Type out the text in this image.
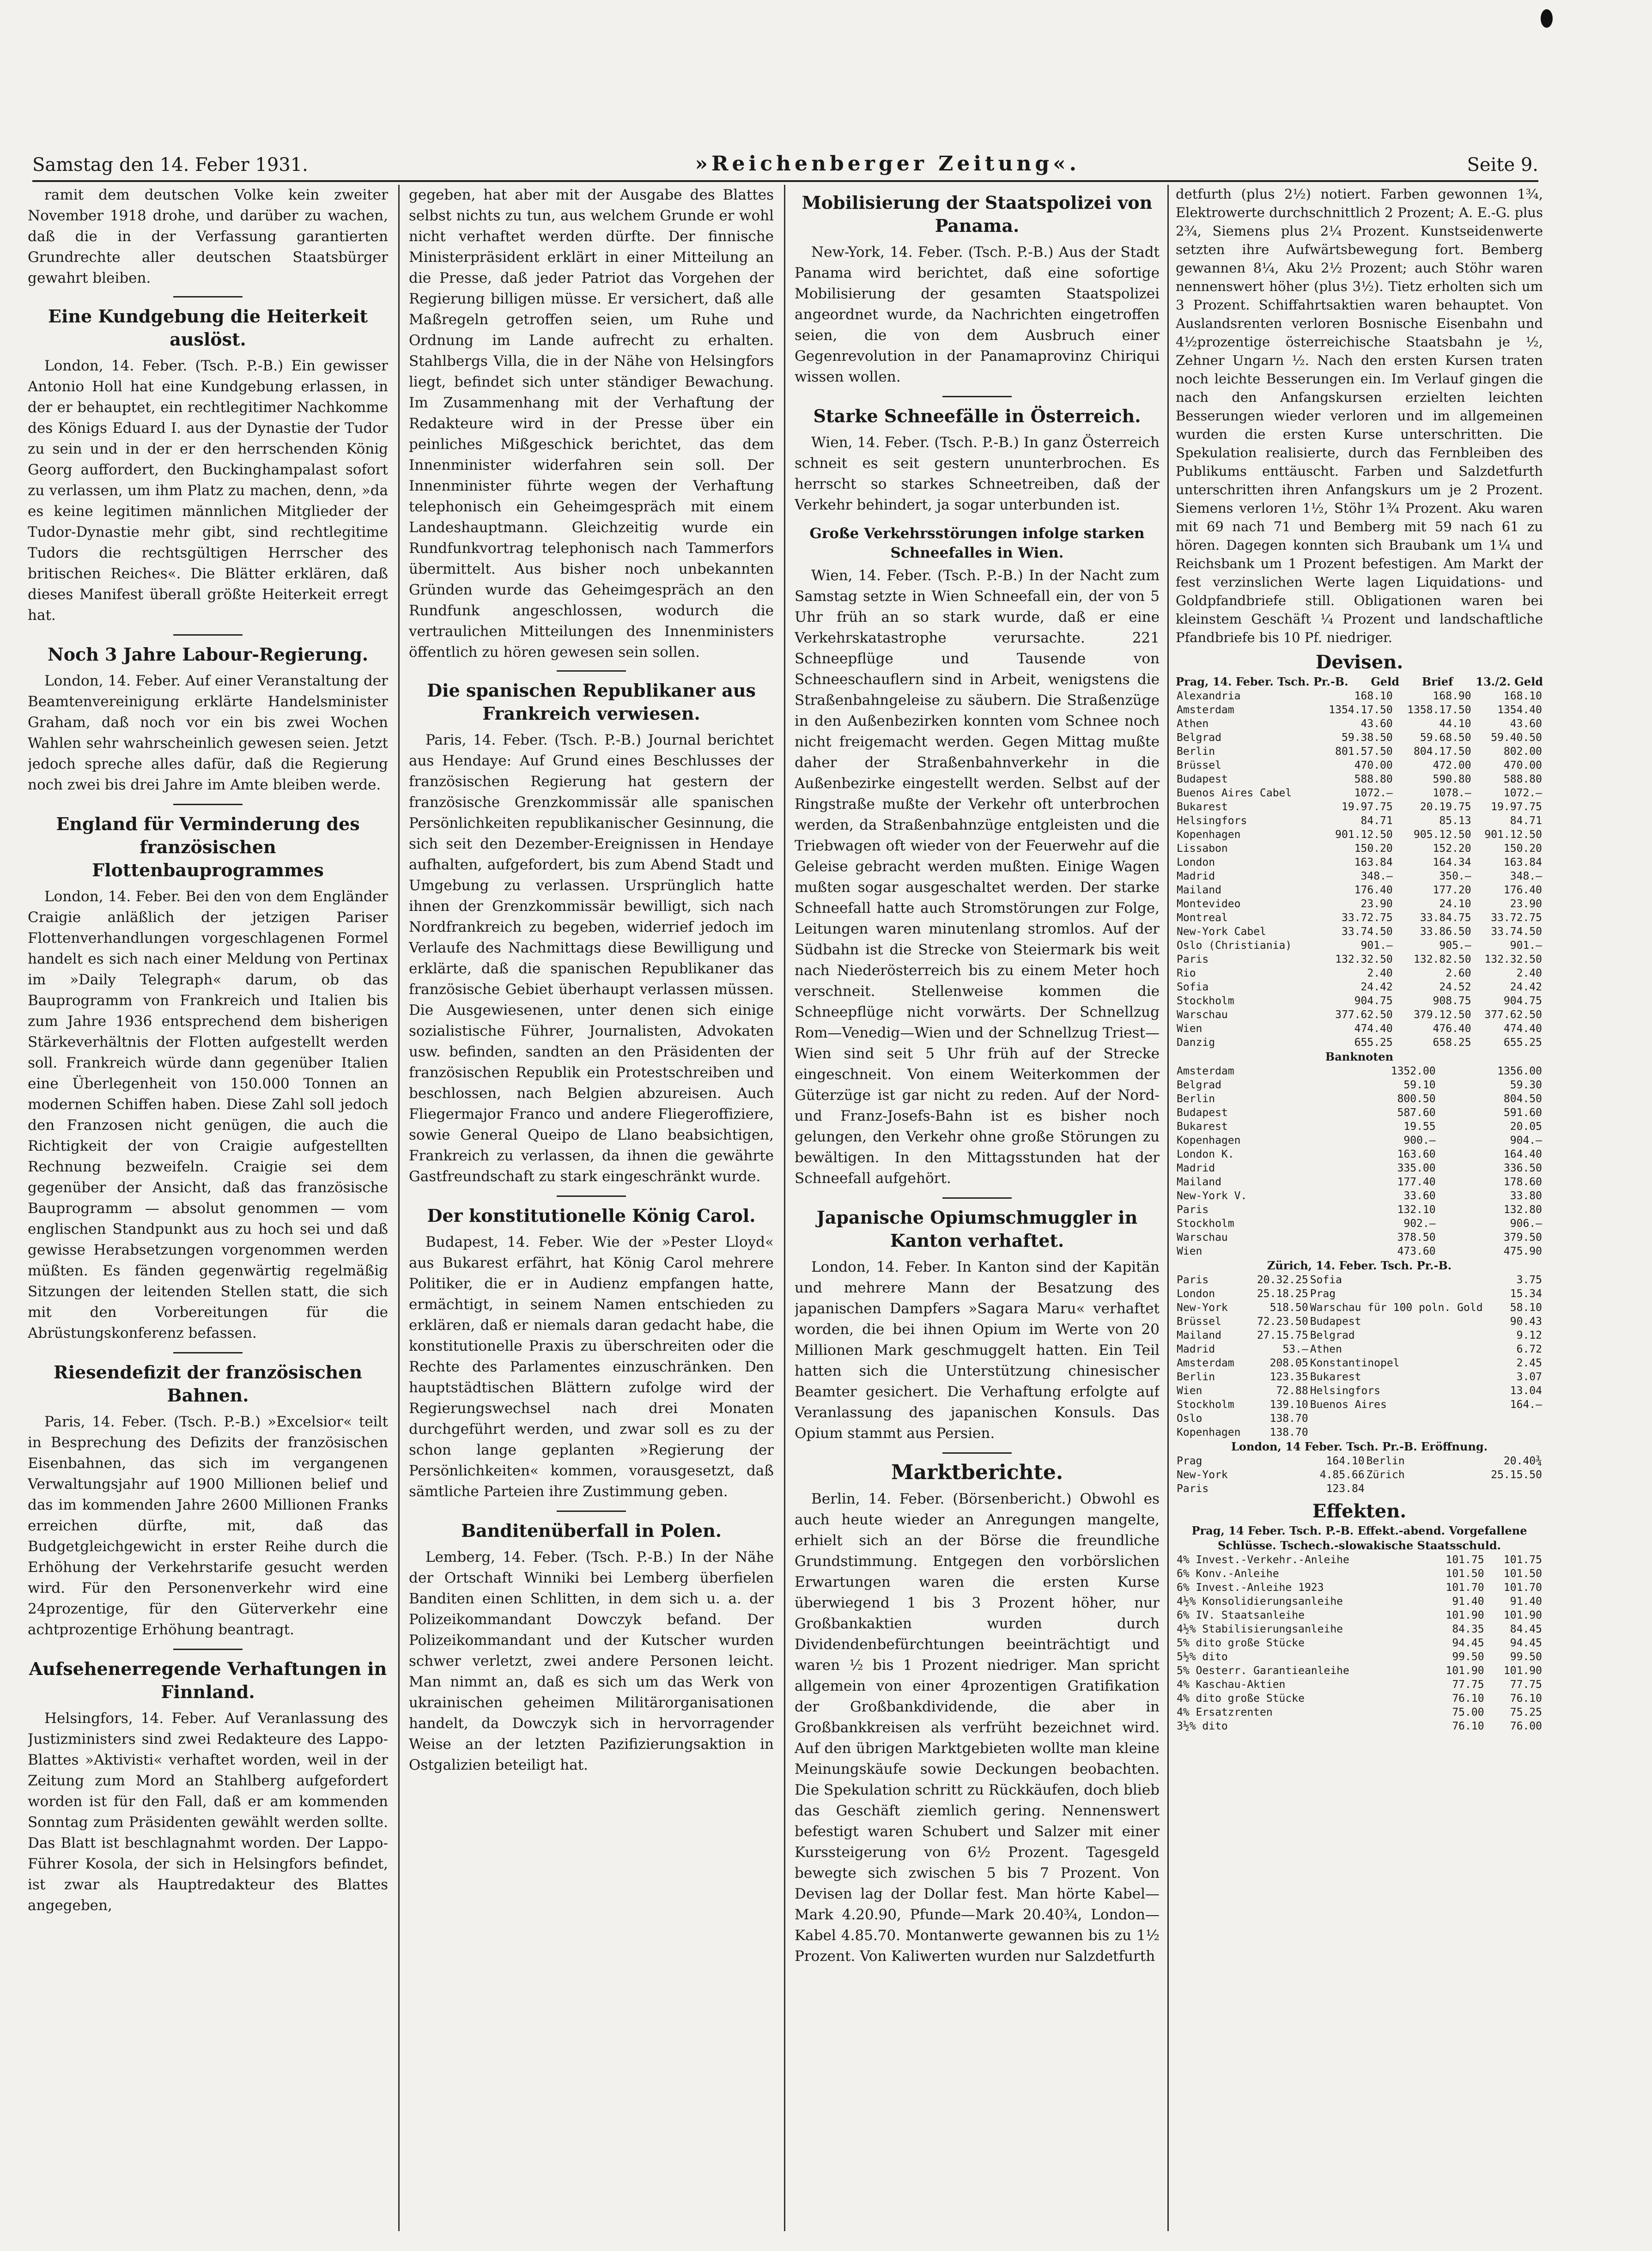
Samstag den 14. Feber 1931.	»Reichenberger Zeitung«.	Seite 9.

ramit dem deutschen Volke kein zweiter November 1918 drohe, und darüber zu wachen, daß die in der Verfassung garantierten Grundrechte aller deutschen Staatsbürger gewahrt bleiben.

Eine Kundgebung die Heiterkeit auslöst.

London, 14. Feber. (Tsch. P.-B.) Ein gewisser Antonio Holl hat eine Kundgebung erlassen, in der er behauptet, ein rechtlegitimer Nachkomme des Königs Eduard I. aus der Dynastie der Tudor zu sein und in der er den herrschenden König Georg auffordert, den Buckinghampalast sofort zu verlassen, um ihm Platz zu machen, denn, »da es keine legitimen männlichen Mitglieder der Tudor-Dynastie mehr gibt, sind rechtlegitime Tudors die rechtsgültigen Herrscher des britischen Reiches«. Die Blätter erklären, daß dieses Manifest überall größte Heiterkeit erregt hat.

Noch 3 Jahre Labour-Regierung.

London, 14. Feber. Auf einer Veranstaltung der Beamtenvereinigung erklärte Handelsminister Graham, daß noch vor ein bis zwei Wochen Wahlen sehr wahrscheinlich gewesen seien. Jetzt jedoch spreche alles dafür, daß die Regierung noch zwei bis drei Jahre im Amte bleiben werde.

England für Verminderung des französischen Flottenbauprogrammes

London, 14. Feber. Bei den von dem Engländer Craigie anläßlich der jetzigen Pariser Flottenverhandlungen vorgeschlagenen Formel handelt es sich nach einer Meldung von Pertinax im »Daily Telegraph« darum, ob das Bauprogramm von Frankreich und Italien bis zum Jahre 1936 entsprechend dem bisherigen Stärkeverhältnis der Flotten aufgestellt werden soll. Frankreich würde dann gegenüber Italien eine Überlegenheit von 150.000 Tonnen an modernen Schiffen haben. Diese Zahl soll jedoch den Franzosen nicht genügen, die auch die Richtigkeit der von Craigie aufgestellten Rechnung bezweifeln. Craigie sei dem gegenüber der Ansicht, daß das französische Bauprogramm — absolut genommen — vom englischen Standpunkt aus zu hoch sei und daß gewisse Herabsetzungen vorgenommen werden müßten. Es fänden gegenwärtig regelmäßig Sitzungen der leitenden Stellen statt, die sich mit den Vorbereitungen für die Abrüstungskonferenz befassen.

Riesendefizit der französischen Bahnen.

Paris, 14. Feber. (Tsch. P.-B.) »Excelsior« teilt in Besprechung des Defizits der französischen Eisenbahnen, das sich im vergangenen Verwaltungsjahr auf 1900 Millionen belief und das im kommenden Jahre 2600 Millionen Franks erreichen dürfte, mit, daß das Budgetgleichgewicht in erster Reihe durch die Erhöhung der Verkehrstarife gesucht werden wird. Für den Personenverkehr wird eine 24prozentige, für den Güterverkehr eine achtprozentige Erhöhung beantragt.

Aufsehenerregende Verhaftungen in Finnland.

Helsingfors, 14. Feber. Auf Veranlassung des Justizministers sind zwei Redakteure des Lappo-Blattes »Aktivisti« verhaftet worden, weil in der Zeitung zum Mord an Stahlberg aufgefordert worden ist für den Fall, daß er am kommenden Sonntag zum Präsidenten gewählt werden sollte. Das Blatt ist beschlagnahmt worden. Der Lappo-Führer Kosola, der sich in Helsingfors befindet, ist zwar als Hauptredakteur des Blattes angegeben,

gegeben, hat aber mit der Ausgabe des Blattes selbst nichts zu tun, aus welchem Grunde er wohl nicht verhaftet werden dürfte. Der finnische Ministerpräsident erklärt in einer Mitteilung an die Presse, daß jeder Patriot das Vorgehen der Regierung billigen müsse. Er versichert, daß alle Maßregeln getroffen seien, um Ruhe und Ordnung im Lande aufrecht zu erhalten. Stahlbergs Villa, die in der Nähe von Helsingfors liegt, befindet sich unter ständiger Bewachung. Im Zusammenhang mit der Verhaftung der Redakteure wird in der Presse über ein peinliches Mißgeschick berichtet, das dem Innenminister widerfahren sein soll. Der Innenminister führte wegen der Verhaftung telephonisch ein Geheimgespräch mit einem Landeshauptmann. Gleichzeitig wurde ein Rundfunkvortrag telephonisch nach Tammerfors übermittelt. Aus bisher noch unbekannten Gründen wurde das Geheimgespräch an den Rundfunk angeschlossen, wodurch die vertraulichen Mitteilungen des Innenministers öffentlich zu hören gewesen sein sollen.

Die spanischen Republikaner aus Frankreich verwiesen.

Paris, 14. Feber. (Tsch. P.-B.) Journal berichtet aus Hendaye: Auf Grund eines Beschlusses der französischen Regierung hat gestern der französische Grenzkommissär alle spanischen Persönlichkeiten republikanischer Gesinnung, die sich seit den Dezember-Ereignissen in Hendaye aufhalten, aufgefordert, bis zum Abend Stadt und Umgebung zu verlassen. Ursprünglich hatte ihnen der Grenzkommissär bewilligt, sich nach Nordfrankreich zu begeben, widerrief jedoch im Verlaufe des Nachmittags diese Bewilligung und erklärte, daß die spanischen Republikaner das französische Gebiet überhaupt verlassen müssen. Die Ausgewiesenen, unter denen sich einige sozialistische Führer, Journalisten, Advokaten usw. befinden, sandten an den Präsidenten der französischen Republik ein Protestschreiben und beschlossen, nach Belgien abzureisen. Auch Fliegermajor Franco und andere Fliegeroffiziere, sowie General Queipo de Llano beabsichtigen, Frankreich zu verlassen, da ihnen die gewährte Gastfreundschaft zu stark eingeschränkt wurde.

Der konstitutionelle König Carol.

Budapest, 14. Feber. Wie der »Pester Lloyd« aus Bukarest erfährt, hat König Carol mehrere Politiker, die er in Audienz empfangen hatte, ermächtigt, in seinem Namen entschieden zu erklären, daß er niemals daran gedacht habe, die konstitutionelle Praxis zu überschreiten oder die Rechte des Parlamentes einzuschränken. Den hauptstädtischen Blättern zufolge wird der Regierungswechsel nach drei Monaten durchgeführt werden, und zwar soll es zu der schon lange geplanten »Regierung der Persönlichkeiten« kommen, vorausgesetzt, daß sämtliche Parteien ihre Zustimmung geben.

Banditenüberfall in Polen.

Lemberg, 14. Feber. (Tsch. P.-B.) In der Nähe der Ortschaft Winniki bei Lemberg überfielen Banditen einen Schlitten, in dem sich u. a. der Polizeikommandant Dowczyk befand. Der Polizeikommandant und der Kutscher wurden schwer verletzt, zwei andere Personen leicht. Man nimmt an, daß es sich um das Werk von ukrainischen geheimen Militärorganisationen handelt, da Dowczyk sich in hervorragender Weise an der letzten Pazifizierungsaktion in Ostgalizien beteiligt hat.

Mobilisierung der Staatspolizei von Panama.

New-York, 14. Feber. (Tsch. P.-B.) Aus der Stadt Panama wird berichtet, daß eine sofortige Mobilisierung der gesamten Staatspolizei angeordnet wurde, da Nachrichten eingetroffen seien, die von dem Ausbruch einer Gegenrevolution in der Panamaprovinz Chiriqui wissen wollen.

Starke Schneefälle in Österreich.

Wien, 14. Feber. (Tsch. P.-B.) In ganz Österreich schneit es seit gestern ununterbrochen. Es herrscht so starkes Schneetreiben, daß der Verkehr behindert, ja sogar unterbunden ist.

Große Verkehrsstörungen infolge starken Schneefalles in Wien.

Wien, 14. Feber. (Tsch. P.-B.) In der Nacht zum Samstag setzte in Wien Schneefall ein, der von 5 Uhr früh an so stark wurde, daß er eine Verkehrskatastrophe verursachte. 221 Schneepflüge und Tausende von Schneeschauflern sind in Arbeit, wenigstens die Straßenbahngeleise zu säubern. Die Straßenzüge in den Außenbezirken konnten vom Schnee noch nicht freigemacht werden. Gegen Mittag mußte daher der Straßenbahnverkehr in die Außenbezirke eingestellt werden. Selbst auf der Ringstraße mußte der Verkehr oft unterbrochen werden, da Straßenbahnzüge entgleisten und die Triebwagen oft wieder von der Feuerwehr auf die Geleise gebracht werden mußten. Einige Wagen mußten sogar ausgeschaltet werden. Der starke Schneefall hatte auch Stromstörungen zur Folge, Leitungen waren minutenlang stromlos. Auf der Südbahn ist die Strecke von Steiermark bis weit nach Niederösterreich bis zu einem Meter hoch verschneit. Stellenweise kommen die Schneepflüge nicht vorwärts. Der Schnellzug Rom—Venedig—Wien und der Schnellzug Triest—Wien sind seit 5 Uhr früh auf der Strecke eingeschneit. Von einem Weiterkommen der Güterzüge ist gar nicht zu reden. Auf der Nord- und Franz-Josefs-Bahn ist es bisher noch gelungen, den Verkehr ohne große Störungen zu bewältigen. In den Mittagsstunden hat der Schneefall aufgehört.

Japanische Opiumschmuggler in Kanton verhaftet.

London, 14. Feber. In Kanton sind der Kapitän und mehrere Mann der Besatzung des japanischen Dampfers »Sagara Maru« verhaftet worden, die bei ihnen Opium im Werte von 20 Millionen Mark geschmuggelt hatten. Ein Teil hatten sich die Unterstützung chinesischer Beamter gesichert. Die Verhaftung erfolgte auf Veranlassung des japanischen Konsuls. Das Opium stammt aus Persien.

Marktberichte.

Berlin, 14. Feber. (Börsenbericht.) Obwohl es auch heute wieder an Anregungen mangelte, erhielt sich an der Börse die freundliche Grundstimmung. Entgegen den vorbörslichen Erwartungen waren die ersten Kurse überwiegend 1 bis 3 Prozent höher, nur Großbankaktien wurden durch Dividendenbefürchtungen beeinträchtigt und waren ½ bis 1 Prozent niedriger. Man spricht allgemein von einer 4prozentigen Gratifikation der Großbankdividende, die aber in Großbankkreisen als verfrüht bezeichnet wird. Auf den übrigen Marktgebieten wollte man kleine Meinungskäufe sowie Deckungen beobachten. Die Spekulation schritt zu Rückkäufen, doch blieb das Geschäft ziemlich gering. Nennenswert befestigt waren Schubert und Salzer mit einer Kurssteigerung von 6½ Prozent. Tagesgeld bewegte sich zwischen 5 bis 7 Prozent. Von Devisen lag der Dollar fest. Man hörte Kabel—Mark 4.20.90, Pfunde—Mark 20.40¾, London—Kabel 4.85.70. Montanwerte gewannen bis zu 1½ Prozent. Von Kaliwerten wurden nur Salzdetfurth

detfurth (plus 2½) notiert. Farben gewonnen 1¾, Elektrowerte durchschnittlich 2 Prozent; A. E.-G. plus 2¾, Siemens plus 2¼ Prozent. Kunstseidenwerte setzten ihre Aufwärtsbewegung fort. Bemberg gewannen 8¼, Aku 2½ Prozent; auch Stöhr waren nennenswert höher (plus 3½). Tietz erholten sich um 3 Prozent. Schiffahrtsaktien waren behauptet. Von Auslandsrenten verloren Bosnische Eisenbahn und 4½prozentige österreichische Staatsbahn je ½, Zehner Ungarn ½. Nach den ersten Kursen traten noch leichte Besserungen ein. Im Verlauf gingen die nach den Anfangskursen erzielten leichten Besserungen wieder verloren und im allgemeinen wurden die ersten Kurse unterschritten. Die Spekulation realisierte, durch das Fernbleiben des Publikums enttäuscht. Farben und Salzdetfurth unterschritten ihren Anfangskurs um je 2 Prozent. Siemens verloren 1½, Stöhr 1¾ Prozent. Aku waren mit 69 nach 71 und Bemberg mit 59 nach 61 zu hören. Dagegen konnten sich Braubank um 1¼ und Reichsbank um 1 Prozent befestigen. Am Markt der fest verzinslichen Werte lagen Liquidations- und Goldpfandbriefe still. Obligationen waren bei kleinstem Geschäft ¼ Prozent und landschaftliche Pfandbriefe bis 10 Pf. niedriger.

Devisen.
Prag, 14. Feber. Tsch. Pr.-B. Geld Brief 13./2. Geld
Alexandria	168.10	168.90	168.10
Amsterdam	1354.17.50	1358.17.50	1354.40
Athen	43.60	44.10	43.60
Belgrad	59.38.50	59.68.50	59.40.50
Berlin	801.57.50	804.17.50	802.00
Brüssel	470.00	472.00	470.00
Budapest	588.80	590.80	588.80
Buenos Aires Cabel	1072.—	1078.—	1072.—
Bukarest	19.97.75	20.19.75	19.97.75
Helsingfors	84.71	85.13	84.71
Kopenhagen	901.12.50	905.12.50	901.12.50
Lissabon	150.20	152.20	150.20
London	163.84	164.34	163.84
Madrid	348.—	350.—	348.—
Mailand	176.40	177.20	176.40
Montevideo	23.90	24.10	23.90
Montreal	33.72.75	33.84.75	33.72.75
New-York Cabel	33.74.50	33.86.50	33.74.50
Oslo (Christiania)	901.—	905.—	901.—
Paris	132.32.50	132.82.50	132.32.50
Rio	2.40	2.60	2.40
Sofia	24.42	24.52	24.42
Stockholm	904.75	908.75	904.75
Warschau	377.62.50	379.12.50	377.62.50
Wien	474.40	476.40	474.40
Danzig	655.25	658.25	655.25
Banknoten
Amsterdam	1352.00		1356.00
Belgrad	59.10		59.30
Berlin	800.50		804.50
Budapest	587.60		591.60
Bukarest	19.55		20.05
Kopenhagen	900.—		904.—
London K.	163.60		164.40
Madrid	335.00		336.50
Mailand	177.40		178.60
New-York V.	33.60		33.80
Paris	132.10		132.80
Stockholm	902.—		906.—
Warschau	378.50		379.50
Wien	473.60		475.90
Zürich, 14. Feber. Tsch. Pr.-B.
Paris	20.32.25	Sofia	3.75
London	25.18.25	Prag	15.34
New-York	518.50	Warschau für 100 poln. Gold	58.10
Brüssel	72.23.50	Budapest	90.43
Mailand	27.15.75	Belgrad	9.12
Madrid	53.—	Athen	6.72
Amsterdam	208.05	Konstantinopel	2.45
Berlin	123.35	Bukarest	3.07
Wien	72.88	Helsingfors	13.04
Stockholm	139.10	Buenos Aires	164.—
Oslo	138.70		
Kopenhagen	138.70		
London, 14 Feber. Tsch. Pr.-B. Eröffnung.
Prag	164.10	Berlin	20.40¾
New-York	4.85.66	Zürich	25.15.50
Paris	123.84		
Effekten.
Prag, 14 Feber. Tsch. P.-B. Effekt.-abend. Vorgefallene Schlüsse. Tschech.-slowakische Staatsschuld.
4% Invest.-Verkehr.-Anleihe	101.75	101.75
6% Konv.-Anleihe	101.50	101.50
6% Invest.-Anleihe 1923	101.70	101.70
4½% Konsolidierungsanleihe	91.40	91.40
6% IV. Staatsanleihe	101.90	101.90
4½% Stabilisierungsanleihe	84.35	84.45
5% dito große Stücke	94.45	94.45
5½% dito	99.50	99.50
5% Oesterr. Garantieanleihe	101.90	101.90
4% Kaschau-Aktien	77.75	77.75
4% dito große Stücke	76.10	76.10
4% Ersatzrenten	75.00	75.25
3½% dito	76.10	76.00
